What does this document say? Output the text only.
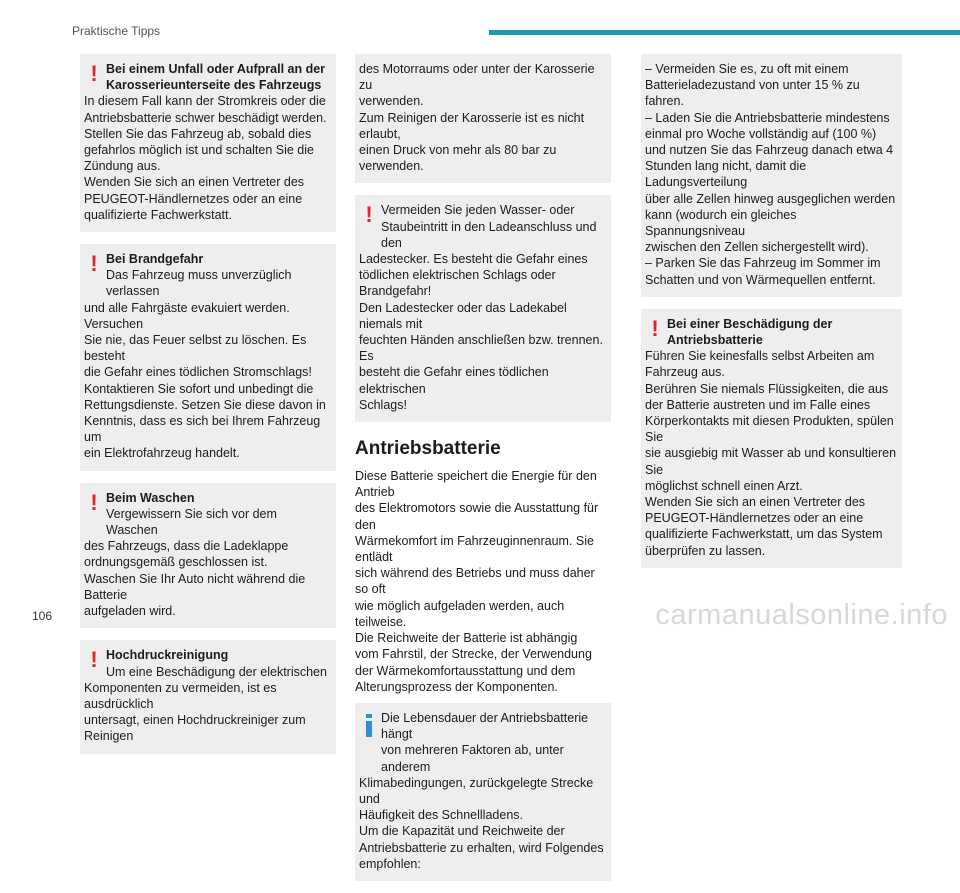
Praktische Tipps
! Bei einem Unfall oder Aufprall an der
Karosserieunterseite des Fahrzeugs

In diesem Fall kann der Stromkreis oder die
Antriebsbatterie schwer beschädigt werden.
Stellen Sie das Fahrzeug ab, sobald dies
gefahrlos möglich ist und schalten Sie die
Zündung aus.
Wenden Sie sich an einen Vertreter des
PEUGEOT-Händlernetzes oder an eine
qualifizierte Fachwerkstatt.

! Bei Brandgefahr

Das Fahrzeug muss unverzüglich verlassen

und alle Fahrgäste evakuiert werden. Versuchen
Sie nie, das Feuer selbst zu löschen. Es besteht
die Gefahr eines tödlichen Stromschlags!
Kontaktieren Sie sofort und unbedingt die
Rettungsdienste. Setzen Sie diese davon in
Kenntnis, dass es sich bei Ihrem Fahrzeug um
ein Elektrofahrzeug handelt.

! Beim Waschen

Vergewissern Sie sich vor dem Waschen

des Fahrzeugs, dass die Ladeklappe
ordnungsgemäß geschlossen ist.
Waschen Sie Ihr Auto nicht während die Batterie
aufgeladen wird.

! Hochdruckreinigung

Um eine Beschädigung der elektrischen

Komponenten zu vermeiden, ist es ausdrücklich
untersagt, einen Hochdruckreiniger zum Reinigen

des Motorraums oder unter der Karosserie zu
verwenden.
Zum Reinigen der Karosserie ist es nicht erlaubt,
einen Druck von mehr als 80 bar zu verwenden.

! Vermeiden Sie jeden Wasser- oder
Staubeintritt in den Ladeanschluss und den

Ladestecker. Es besteht die Gefahr eines
tödlichen elektrischen Schlags oder Brandgefahr!
Den Ladestecker oder das Ladekabel niemals mit
feuchten Händen anschließen bzw. trennen. Es
besteht die Gefahr eines tödlichen elektrischen
Schlags!

Antriebsbatterie

Diese Batterie speichert die Energie für den Antrieb
des Elektromotors sowie die Ausstattung für den
Wärmekomfort im Fahrzeuginnenraum. Sie entlädt
sich während des Betriebs und muss daher so oft
wie möglich aufgeladen werden, auch teilweise.
Die Reichweite der Batterie ist abhängig
vom Fahrstil, der Strecke, der Verwendung
der Wärmekomfortausstattung und dem
Alterungsprozess der Komponenten.

Die Lebensdauer der Antriebsbatterie hängt
von mehreren Faktoren ab, unter anderem

Klimabedingungen, zurückgelegte Strecke und
Häufigkeit des Schnellladens.
Um die Kapazität und Reichweite der
Antriebsbatterie zu erhalten, wird Folgendes
empfohlen:

– Vermeiden Sie es, zu oft mit einem
Batterieladezustand von unter 15 % zu fahren.
– Laden Sie die Antriebsbatterie mindestens
einmal pro Woche vollständig auf (100 %)
und nutzen Sie das Fahrzeug danach etwa 4
Stunden lang nicht, damit die Ladungsverteilung
über alle Zellen hinweg ausgeglichen werden
kann (wodurch ein gleiches Spannungsniveau
zwischen den Zellen sichergestellt wird).
– Parken Sie das Fahrzeug im Sommer im
Schatten und von Wärmequellen entfernt.

! Bei einer Beschädigung der
Antriebsbatterie

Führen Sie keinesfalls selbst Arbeiten am
Fahrzeug aus.
Berühren Sie niemals Flüssigkeiten, die aus
der Batterie austreten und im Falle eines
Körperkontakts mit diesen Produkten, spülen Sie
sie ausgiebig mit Wasser ab und konsultieren Sie
möglichst schnell einen Arzt.
Wenden Sie sich an einen Vertreter des
PEUGEOT-Händlernetzes oder an eine
qualifizierte Fachwerkstatt, um das System
überprüfen zu lassen.

106	carmanualsonline.info
